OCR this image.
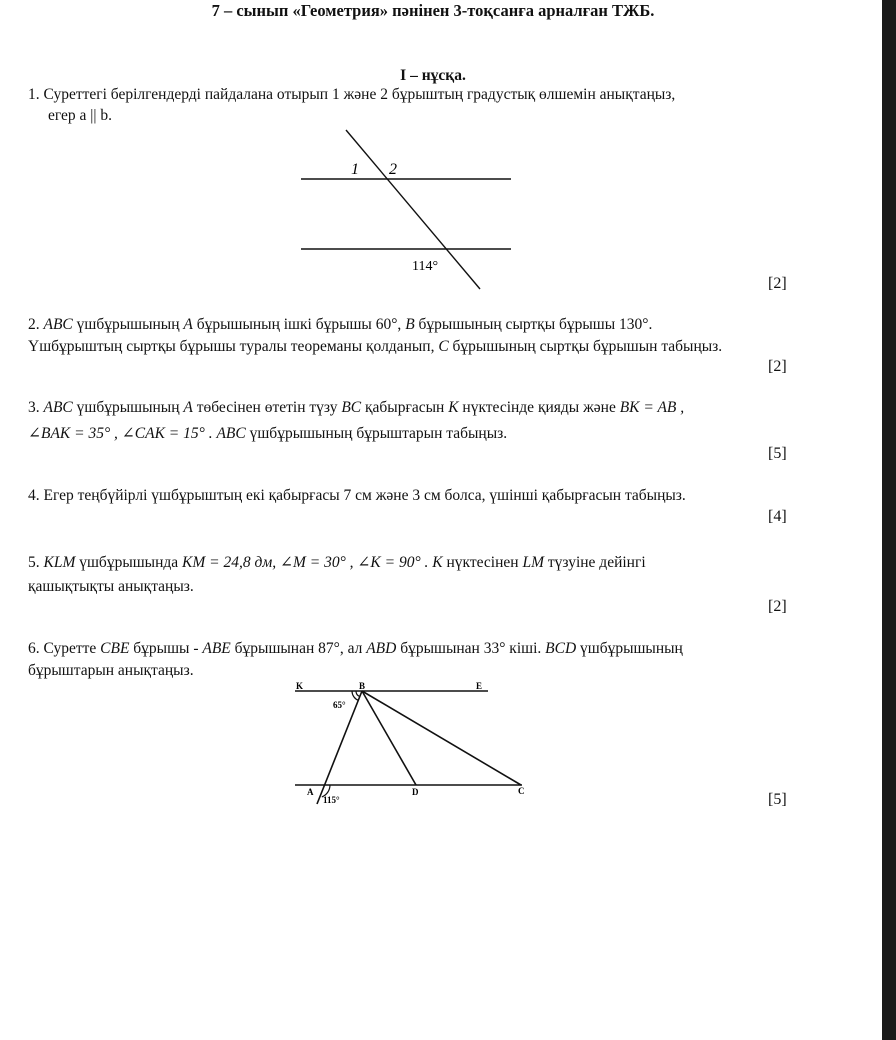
7 – сынып «Геометрия» пәнінен 3-тоқсанға арналған ТЖБ.
I – нұсқа.
1. Суреттегі берілгендерді пайдалана отырып 1 және 2 бұрыштың градустық өлшемін анықтаңыз,
егер a || b.
1 2
114°
[2]
2. ABC үшбұрышының A бұрышының ішкі бұрышы 60°, B бұрышының сыртқы бұрышы 130°.
Үшбұрыштың сыртқы бұрышы туралы теореманы қолданып, C бұрышының сыртқы бұрышын табыңыз.
[2]
3. ABC үшбұрышының A төбесінен өтетін түзу BC қабырғасын K нүктесінде қияды және BK = AB ,
∠BAK = 35° , ∠CAK = 15° . ABC үшбұрышының бұрыштарын табыңыз.
[5]
4. Егер теңбүйірлі үшбұрыштың екі қабырғасы 7 см және 3 см болса, үшінші қабырғасын табыңыз.
[4]
5. KLM үшбұрышында KM = 24,8 дм, ∠M = 30° , ∠K = 90° . K нүктесінен LM түзуіне дейінгі
қашықтықты анықтаңыз.
[2]
6. Суретте CBE бұрышы - ABE бұрышынан 87°, ал ABD бұрышынан 33° кіші. BCD үшбұрышының
бұрыштарын анықтаңыз.
K	B	E
65°
A	D	C
115°	[5]
